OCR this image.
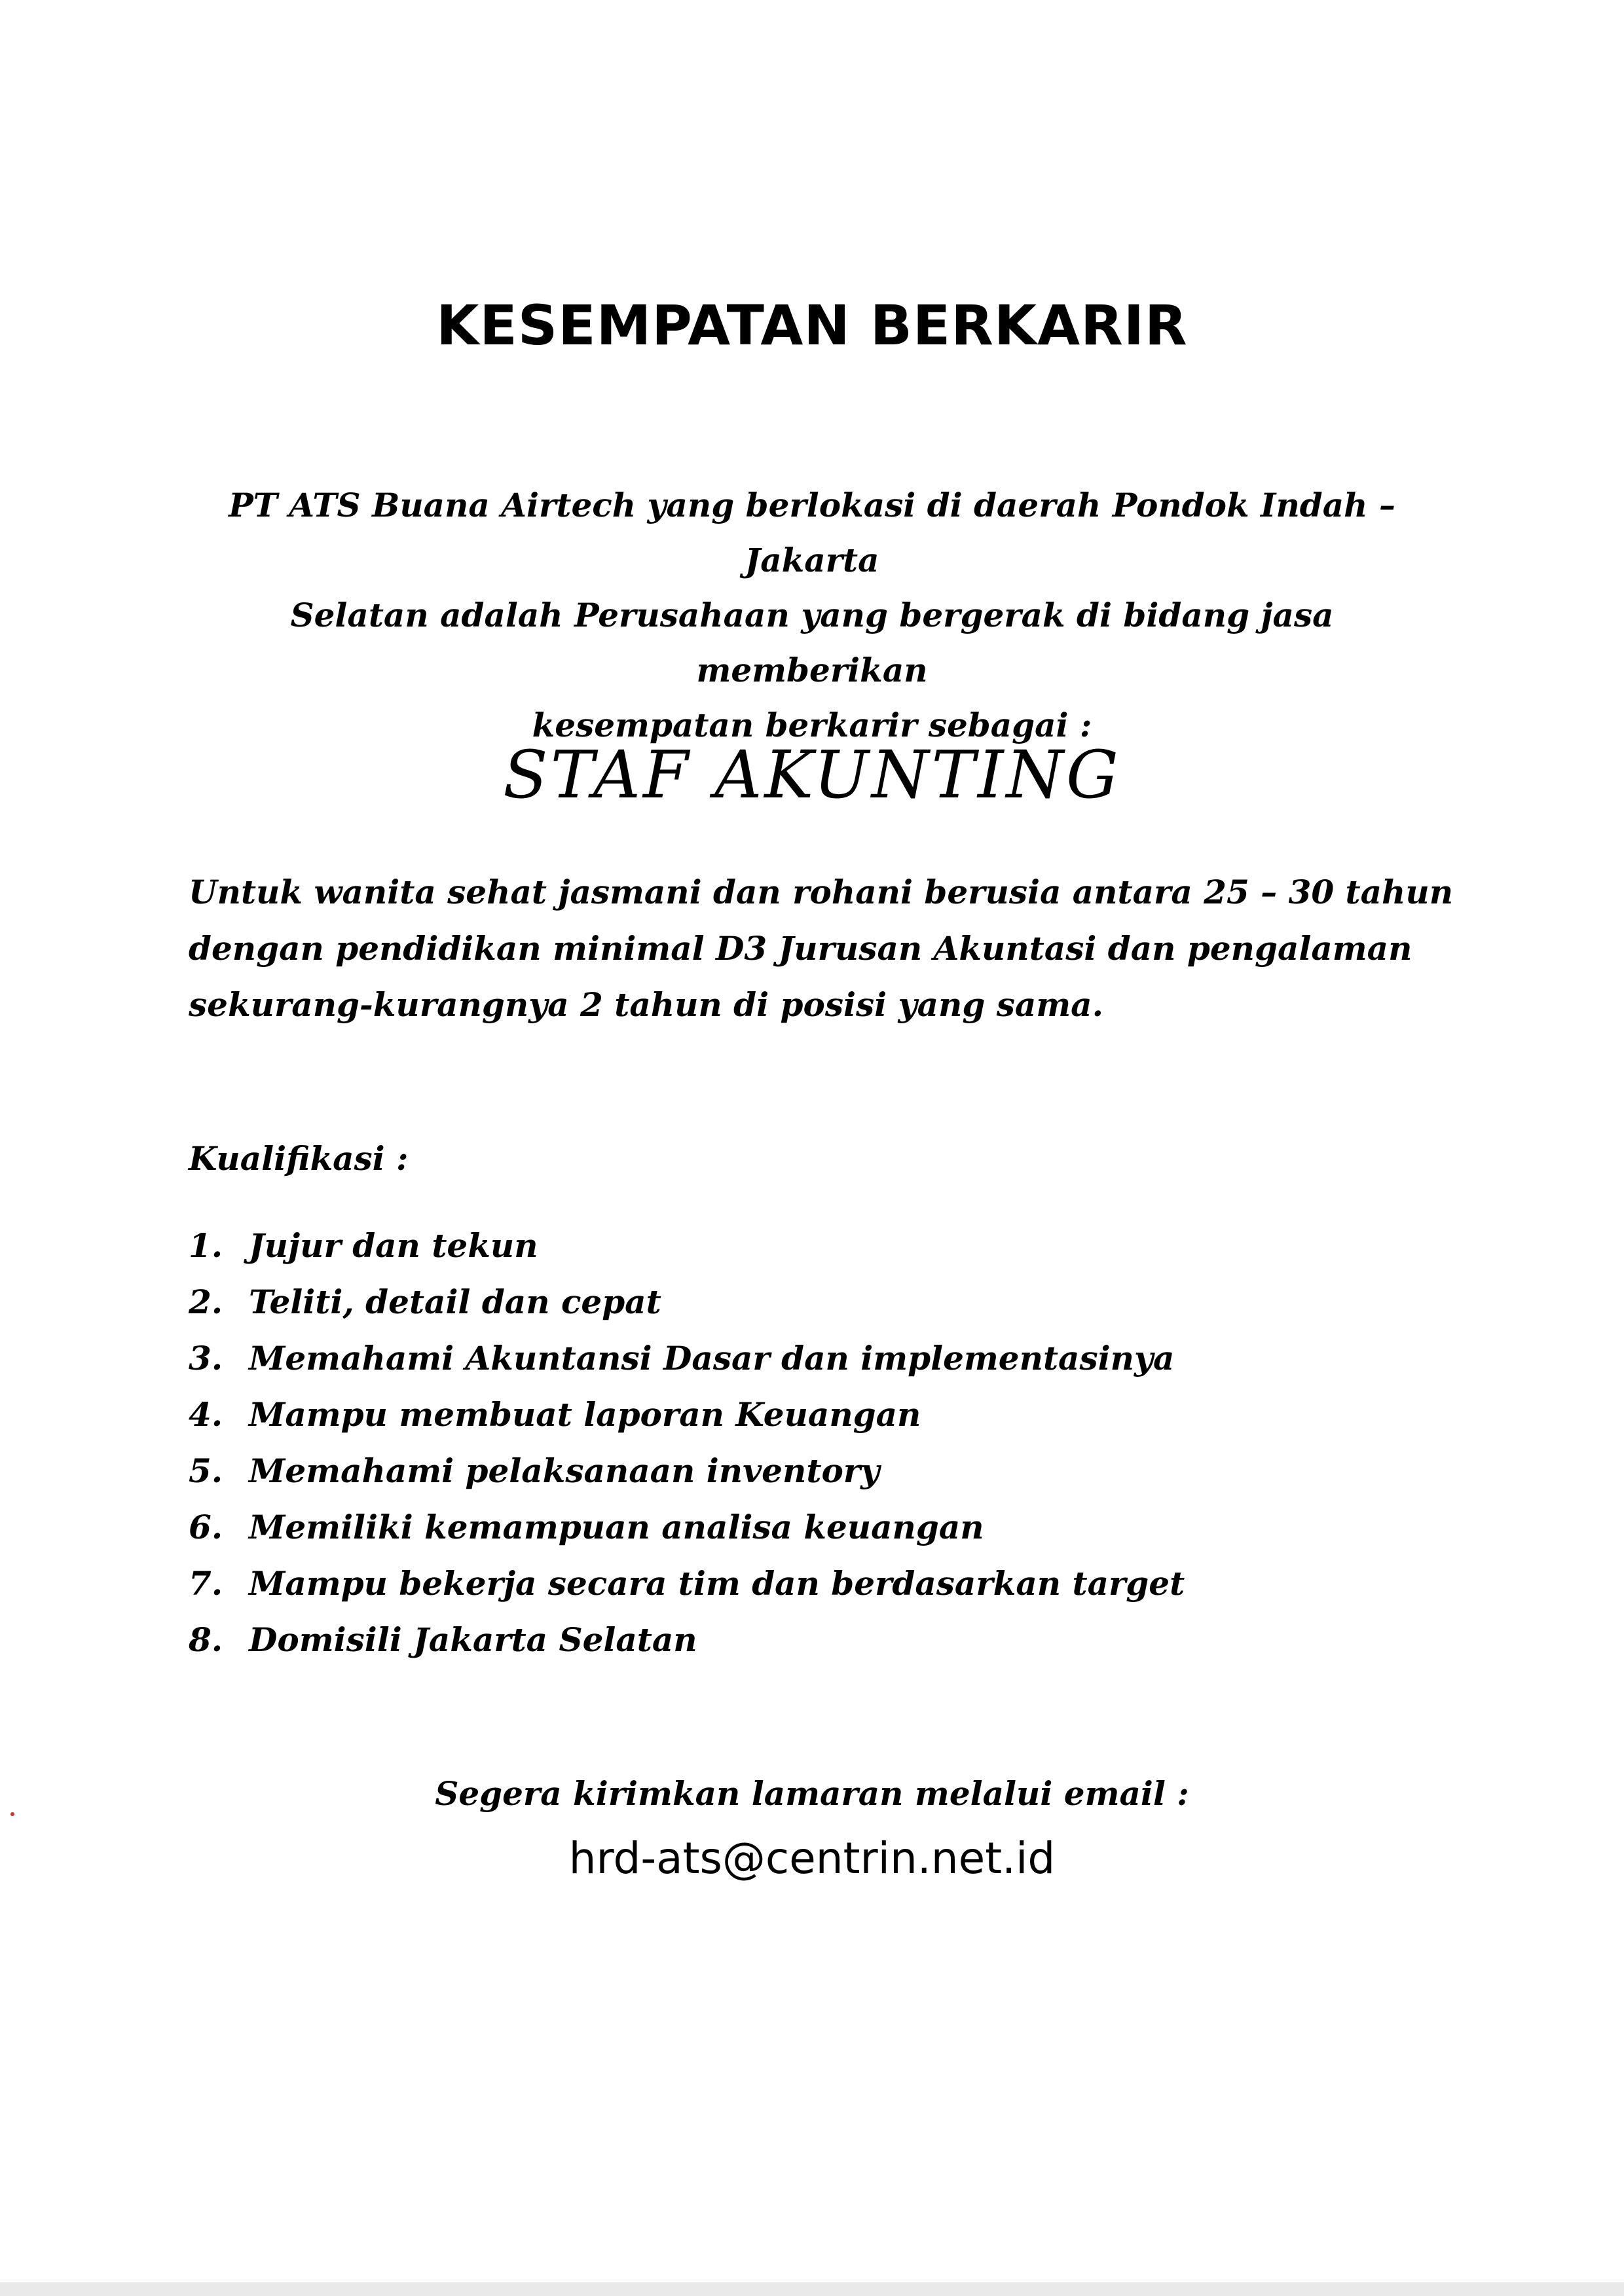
KESEMPATAN BERKARIR
PT ATS Buana Airtech yang berlokasi di daerah Pondok Indah – Jakarta
Selatan adalah Perusahaan yang bergerak di bidang jasa memberikan
kesempatan berkarir sebagai :
STAF AKUNTING
Untuk wanita sehat jasmani dan rohani berusia antara 25 – 30 tahun
dengan pendidikan minimal D3 Jurusan Akuntasi dan pengalaman
sekurang-kurangnya 2 tahun di posisi yang sama.
Kualifikasi :
1. Jujur dan tekun
2. Teliti, detail dan cepat
3. Memahami Akuntansi Dasar dan implementasinya
4. Mampu membuat laporan Keuangan
5. Memahami pelaksanaan inventory
6. Memiliki kemampuan analisa keuangan
7. Mampu bekerja secara tim dan berdasarkan target
8. Domisili Jakarta Selatan
Segera kirimkan lamaran melalui email :
hrd-ats@centrin.net.id
